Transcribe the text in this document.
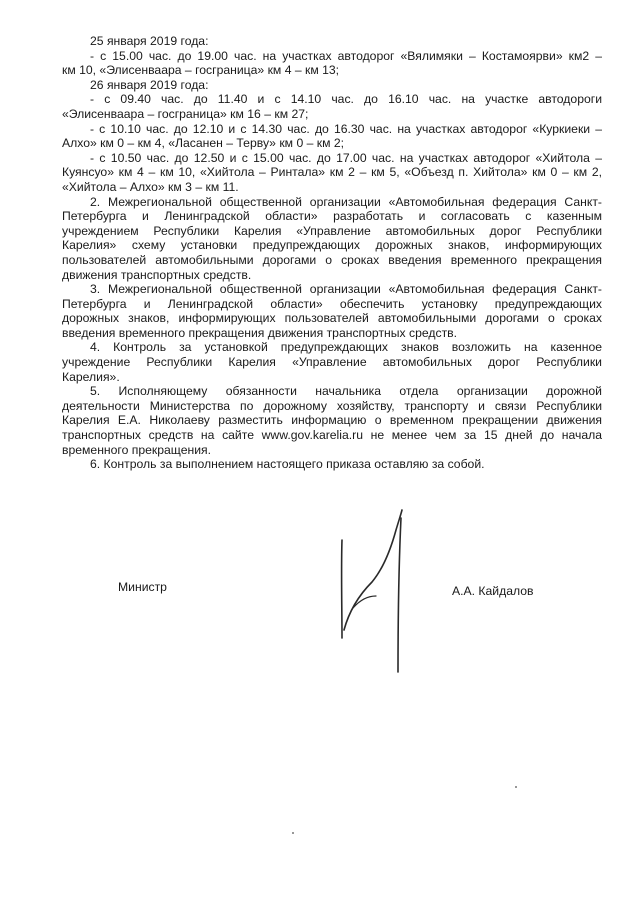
25 января 2019 года:
- с 15.00 час. до 19.00 час. на участках автодорог «Вялимяки – Костамоярви» км2 –
км 10, «Элисенваара – госграница» км 4 – км 13;
26 января 2019 года:
- с 09.40 час. до 11.40 и с 14.10 час. до 16.10 час. на участке автодороги
«Элисенваара – госграница» км 16 – км 27;
- с 10.10 час. до 12.10 и с 14.30 час. до 16.30 час. на участках автодорог «Куркиеки –
Алхо» км 0 – км 4, «Ласанен – Терву» км 0 – км 2;
- с 10.50 час. до 12.50 и с 15.00 час. до 17.00 час. на участках автодорог «Хийтола –
Куянсуо» км 4 – км 10, «Хийтола – Ринтала» км 2 – км 5, «Объезд п. Хийтола» км 0 – км 2,
«Хийтола – Алхо» км 3 – км 11.
2. Межрегиональной общественной организации «Автомобильная федерация Санкт-
Петербурга и Ленинградской области» разработать и согласовать с казенным
учреждением Республики Карелия «Управление автомобильных дорог Республики
Карелия» схему установки предупреждающих дорожных знаков, информирующих
пользователей автомобильными дорогами о сроках введения временного прекращения
движения транспортных средств.
3. Межрегиональной общественной организации «Автомобильная федерация Санкт-
Петербурга и Ленинградской области» обеспечить установку предупреждающих
дорожных знаков, информирующих пользователей автомобильными дорогами о сроках
введения временного прекращения движения транспортных средств.
4. Контроль за установкой предупреждающих знаков возложить на казенное
учреждение Республики Карелия «Управление автомобильных дорог Республики
Карелия».
5. Исполняющему обязанности начальника отдела организации дорожной
деятельности Министерства по дорожному хозяйству, транспорту и связи Республики
Карелия Е.А. Николаеву разместить информацию о временном прекращении движения
транспортных средств на сайте www.gov.karelia.ru не менее чем за 15 дней до начала
временного прекращения.
6. Контроль за выполнением настоящего приказа оставляю за собой.
Министр	А.А. Кайдалов
